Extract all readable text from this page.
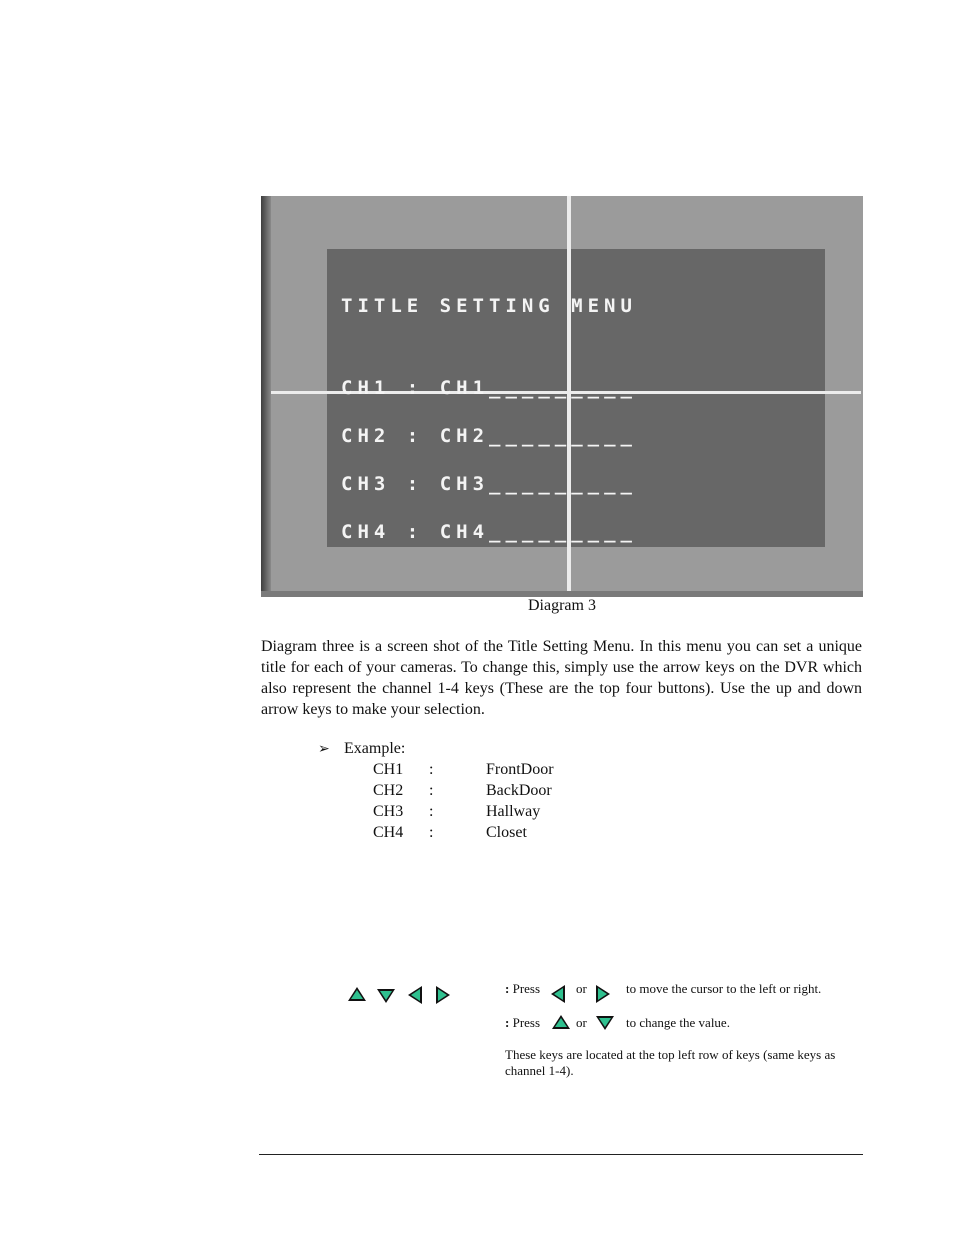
TITLE SETTING MENU

CH1 : CH1_________

CH2 : CH2_________

CH3 : CH3_________

CH4 : CH4_________

Diagram 3

Diagram three is a screen shot of the Title Setting Menu. In this menu you can set a unique title for each of your cameras. To change this, simply use the arrow keys on the DVR which also represent the channel 1-4 keys (These are the top four buttons). Use the up and down arrow keys to make your selection.

➢ Example:
CH1 :	FrontDoor
CH2 :	BackDoor
CH3 :	Hallway
CH4 :	Closet
: Press	or	to move the cursor to the left or right.
: Press	or	to change the value.
These keys are located at the top left row of keys (same keys as channel 1-4).
